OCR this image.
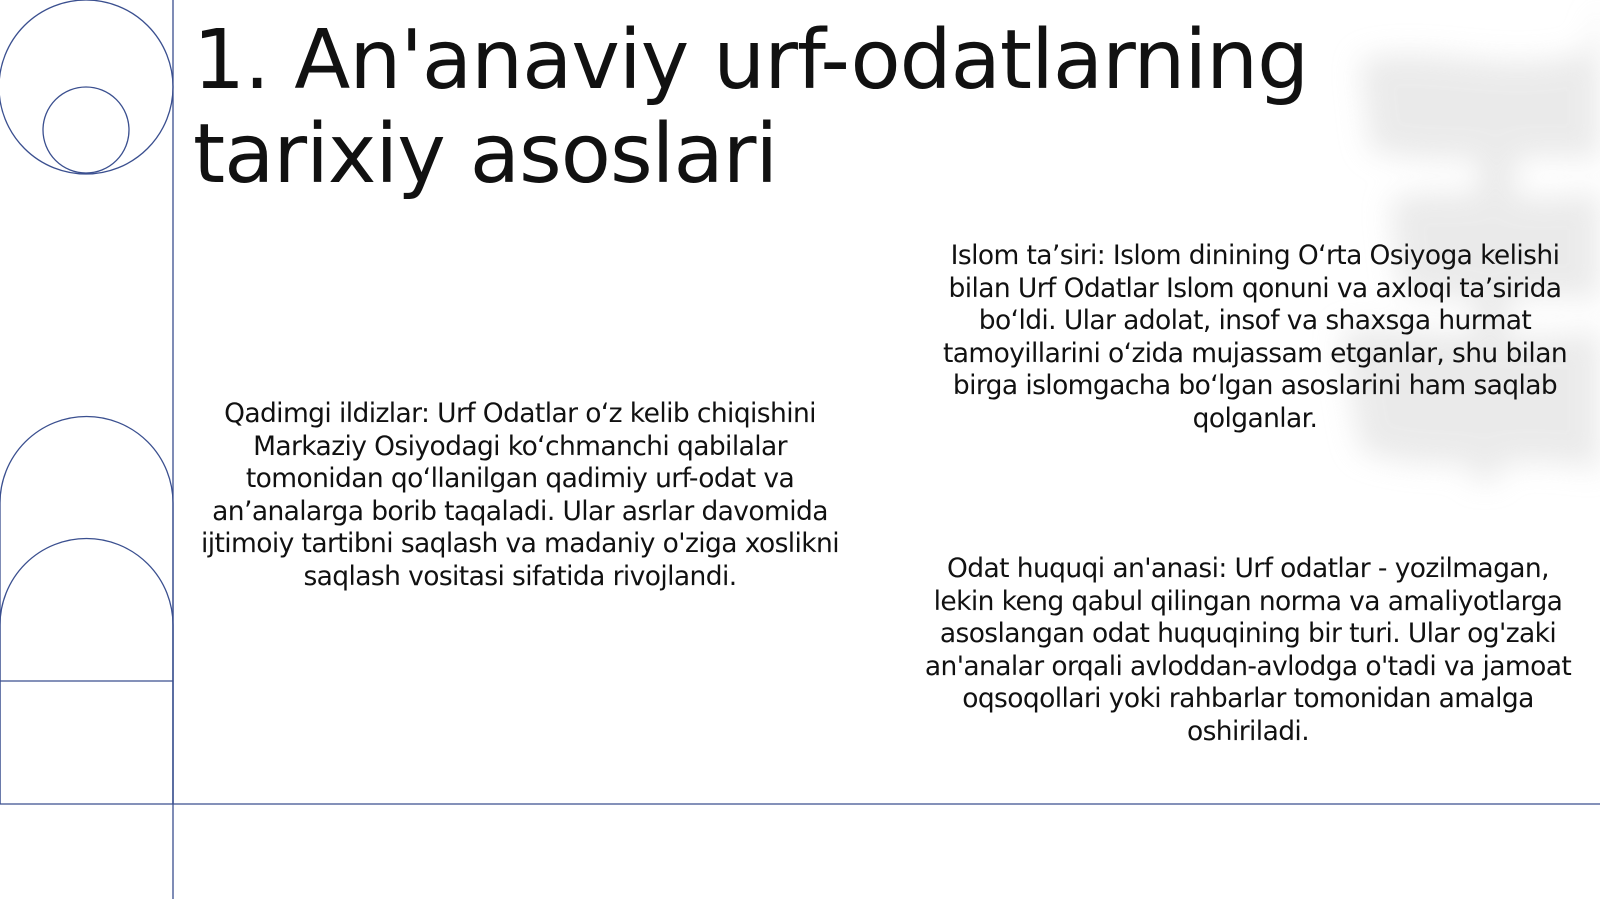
1. An'anaviy urf-odatlarning tarixiy asoslari

Qadimgi ildizlar: Urf Odatlar o‘z kelib chiqishini Markaziy Osiyodagi ko‘chmanchi qabilalar tomonidan qo‘llanilgan qadimiy urf-odat va an’analarga borib taqaladi. Ular asrlar davomida ijtimoiy tartibni saqlash va madaniy o'ziga xoslikni saqlash vositasi sifatida rivojlandi.

Islom ta’siri: Islom dinining O‘rta Osiyoga kelishi bilan Urf Odatlar Islom qonuni va axloqi ta’sirida bo‘ldi. Ular adolat, insof va shaxsga hurmat tamoyillarini o‘zida mujassam etganlar, shu bilan birga islomgacha bo‘lgan asoslarini ham saqlab qolganlar.

Odat huquqi an'anasi: Urf odatlar - yozilmagan, lekin keng qabul qilingan norma va amaliyotlarga asoslangan odat huquqining bir turi. Ular og'zaki an'analar orqali avloddan-avlodga o'tadi va jamoat oqsoqollari yoki rahbarlar tomonidan amalga oshiriladi.
